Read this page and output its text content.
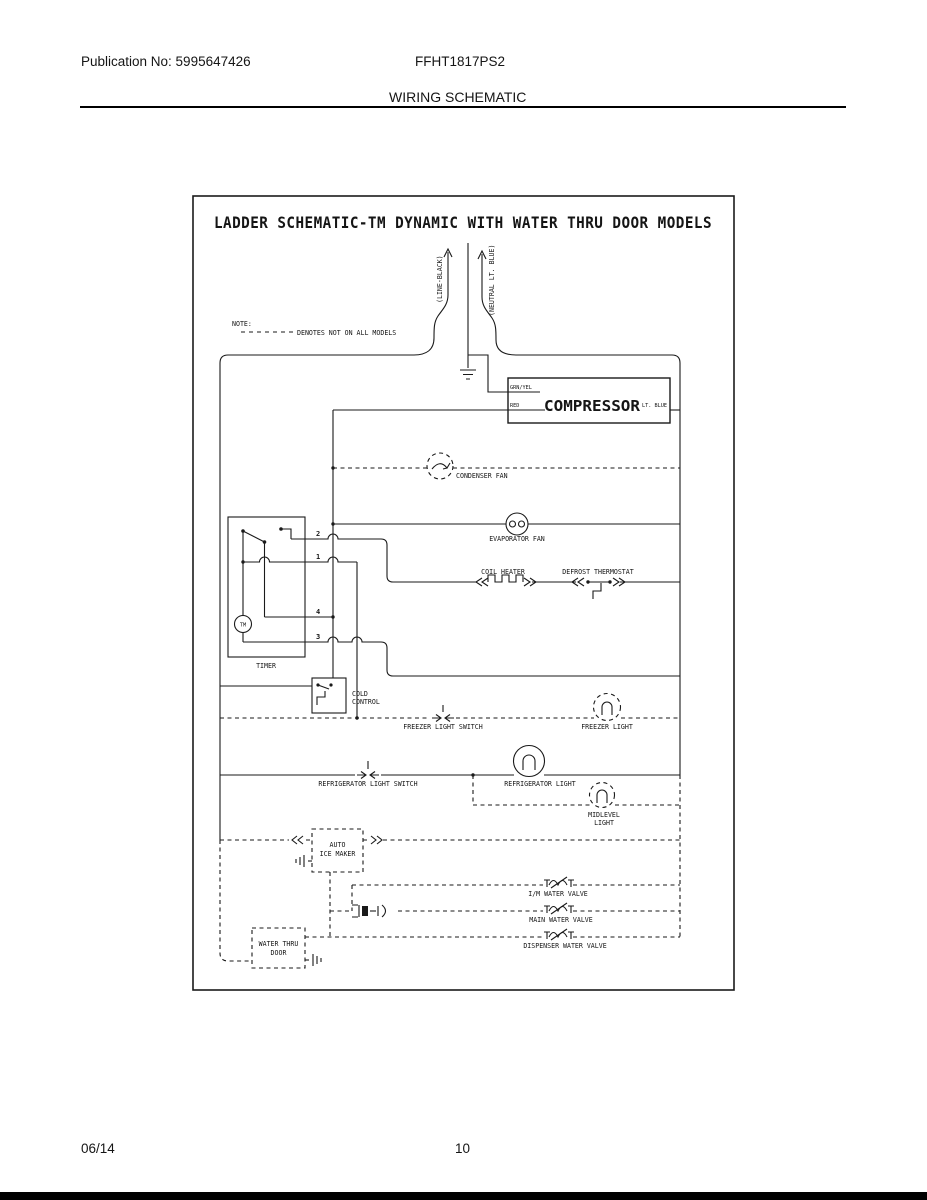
Publication No: 5995647426	FFHT1817PS2
WIRING SCHEMATIC
LADDER SCHEMATIC-TM DYNAMIC WITH WATER THRU DOOR MODELS
NOTE:
DENOTES NOT ON ALL MODELS
(LINE-BLACK)	(NEUTRAL LT. BLUE)
GRN/YEL
RED	LT. BLUE
COMPRESSOR
CONDENSER FAN
EVAPORATOR FAN
TIMER
TM
2
1
4
3
COLD
CONTROL
COIL HEATER	DEFROST THERMOSTAT
FREEZER LIGHT SWITCH	FREEZER LIGHT
REFRIGERATOR LIGHT SWITCH	REFRIGERATOR LIGHT
MIDLEVEL
LIGHT
AUTO
ICE MAKER
I/M WATER VALVE
MAIN WATER VALVE
DISPENSER WATER VALVE
WATER THRU
DOOR
06/14	10
